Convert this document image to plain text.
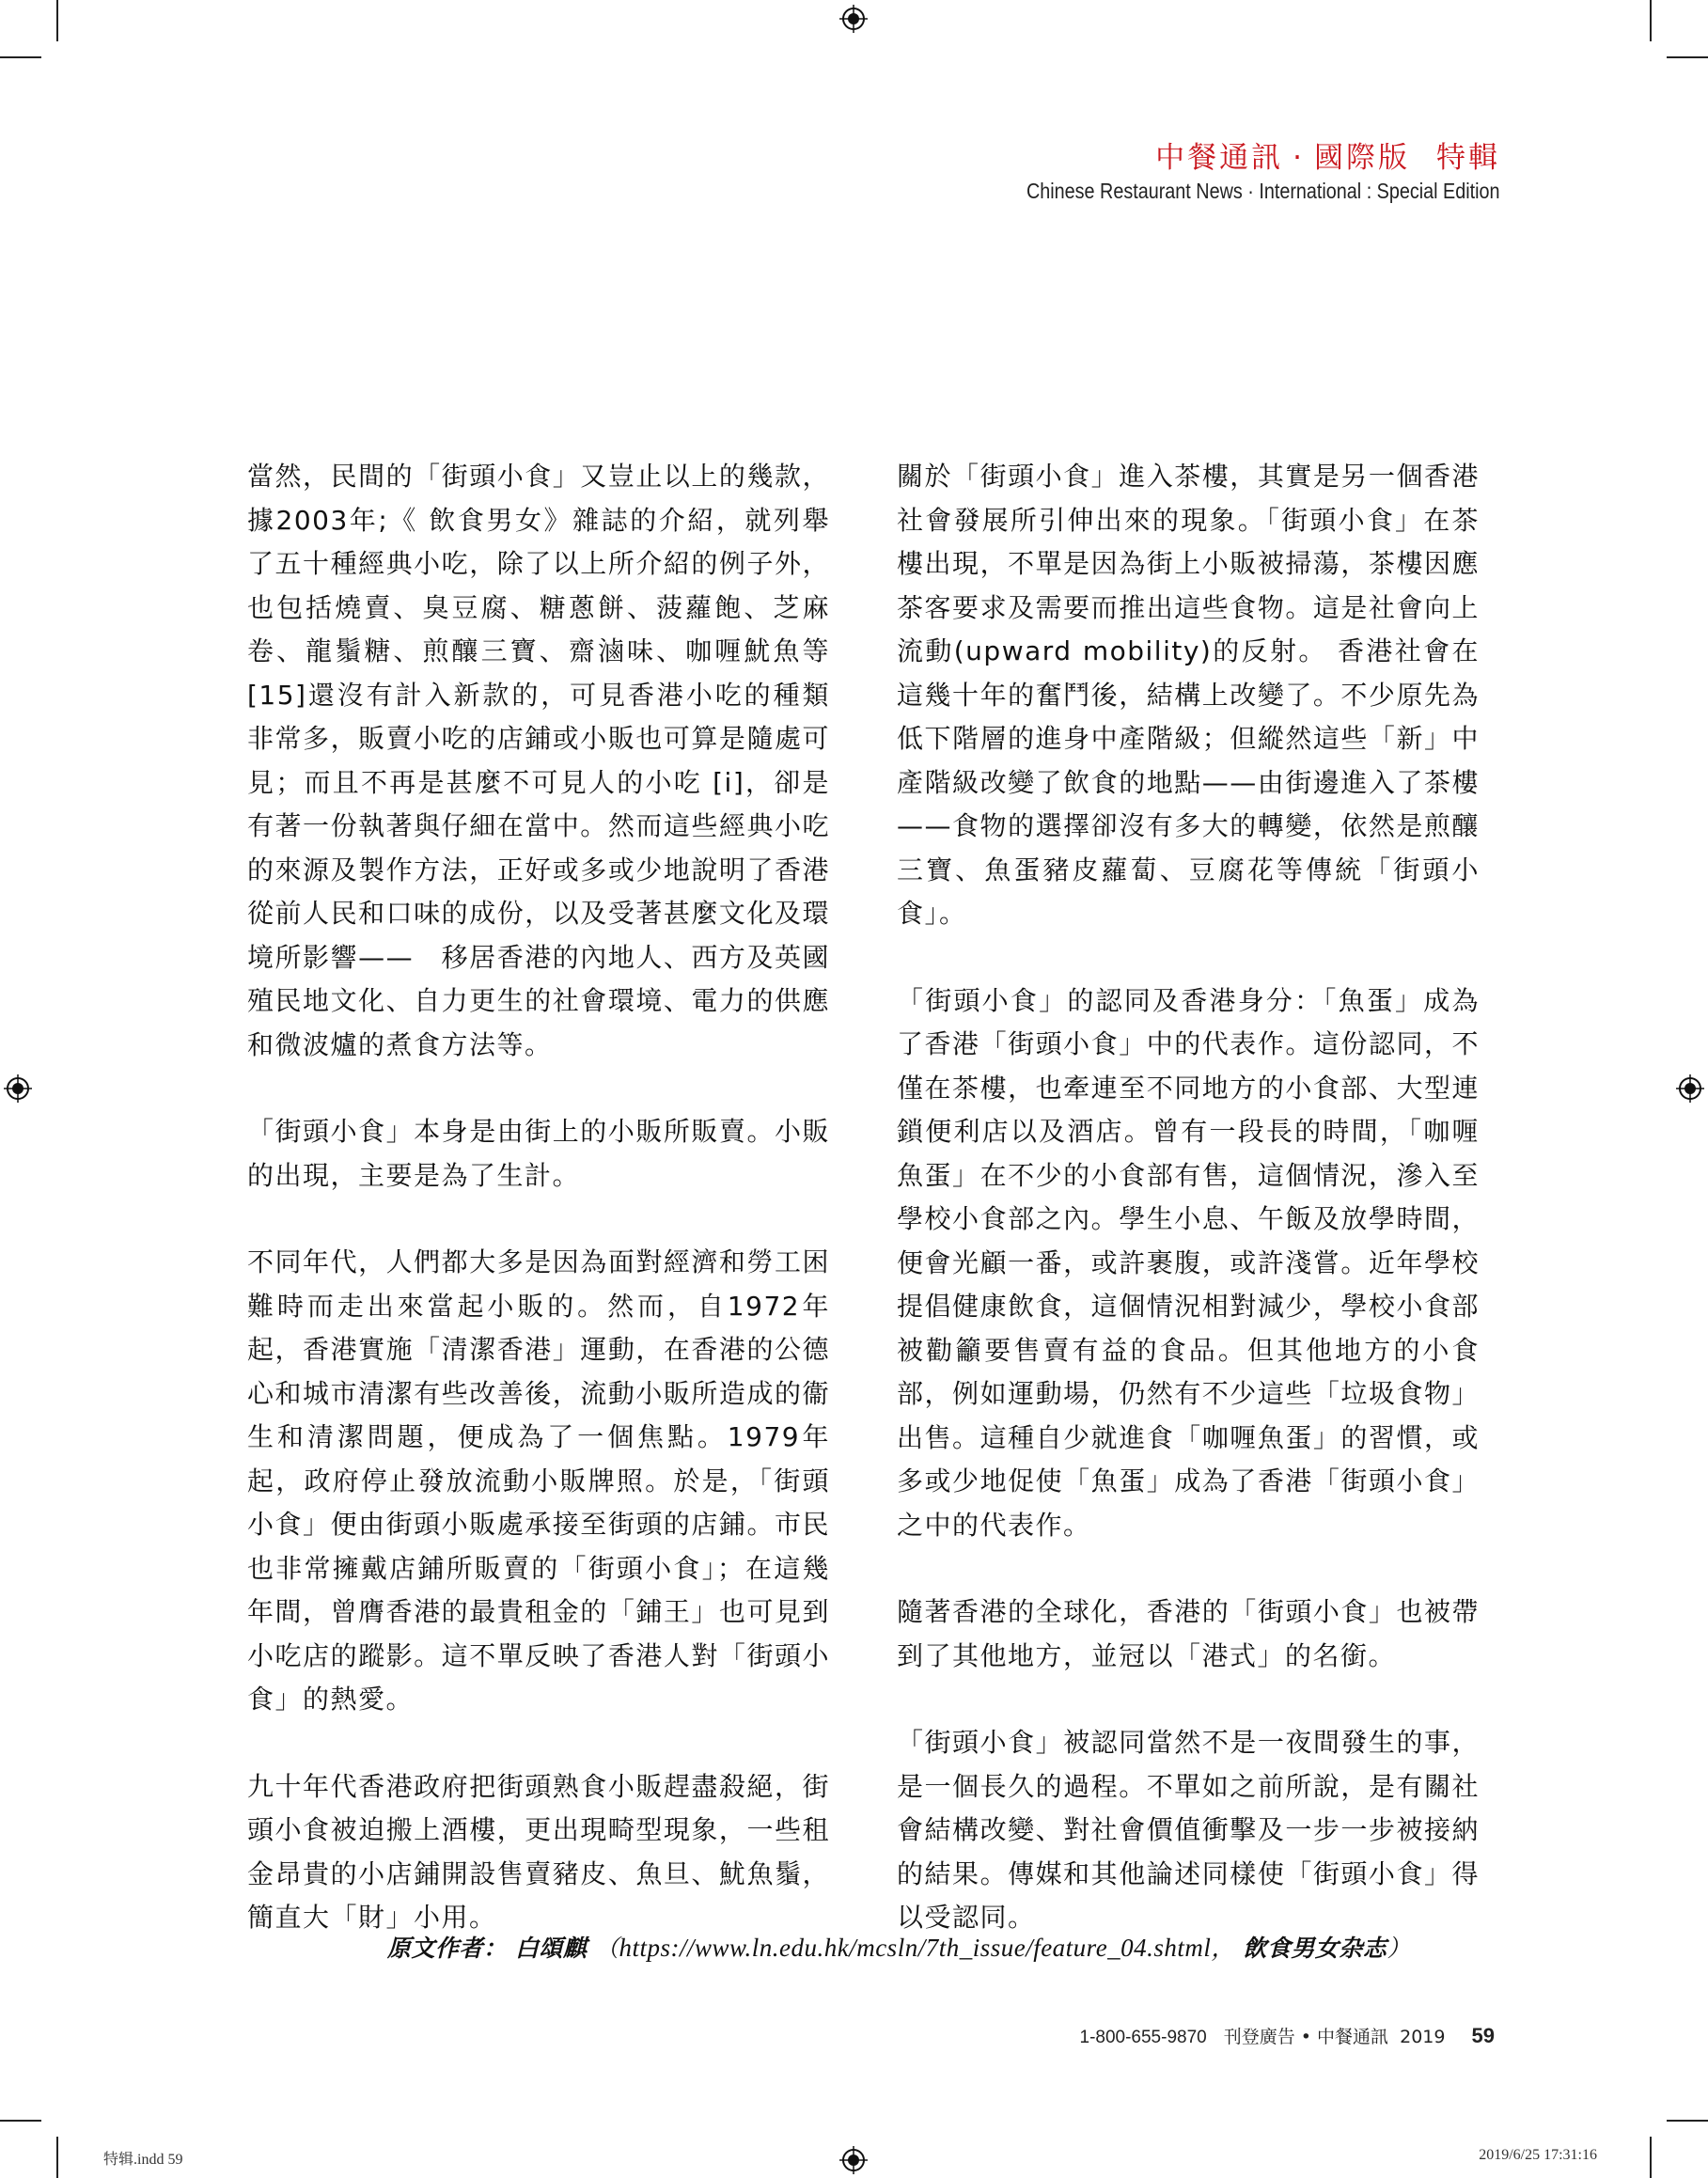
中餐通訊 · 國際版 特輯
Chinese Restaurant News · International : Special Edition

當然，民間的「街頭小食」又豈止以上的幾款，據2003年;《 飲食男女》雜誌的介紹，就列舉了五十種經典小吃，除了以上所介紹的例子外，也包括燒賣、臭豆腐、糖蔥餅、菠蘿飽、芝麻卷、龍鬚糖、煎釀三寶、齋滷味、咖喱魷魚等 [15]還沒有計入新款的，可見香港小吃的種類非常多，販賣小吃的店鋪或小販也可算是隨處可見；而且不再是甚麼不可見人的小吃 [i]，卻是有著一份執著與仔細在當中。然而這些經典小吃的來源及製作方法，正好或多或少地說明了香港從前人民和口味的成份，以及受著甚麼文化及環境所影響——　移居香港的內地人、西方及英國殖民地文化、自力更生的社會環境、電力的供應和微波爐的煮食方法等。

「街頭小食」本身是由街上的小販所販賣。小販的出現，主要是為了生計。

不同年代，人們都大多是因為面對經濟和勞工困難時而走出來當起小販的。然而，自1972年起，香港實施「清潔香港」運動，在香港的公德心和城市清潔有些改善後，流動小販所造成的衞生和清潔問題，便成為了一個焦點。1979年起，政府停止發放流動小販牌照。於是，「街頭小食」便由街頭小販處承接至街頭的店鋪。市民也非常擁戴店鋪所販賣的「街頭小食」；在這幾年間，曾膺香港的最貴租金的「鋪王」也可見到小吃店的蹤影。這不單反映了香港人對「街頭小食」的熱愛。

九十年代香港政府把街頭熟食小販趕盡殺絕，街頭小食被迫搬上酒樓，更出現畸型現象，一些租金昂貴的小店鋪開設售賣豬皮、魚旦、魷魚鬚，簡直大「財」小用。

關於「街頭小食」進入茶樓，其實是另一個香港社會發展所引伸出來的現象。「街頭小食」在茶樓出現，不單是因為街上小販被掃蕩，茶樓因應茶客要求及需要而推出這些食物。這是社會向上流動(upward mobility)的反射。 香港社會在這幾十年的奮鬥後，結構上改變了。不少原先為低下階層的進身中產階級；但縱然這些「新」中產階級改變了飲食的地點——由街邊進入了茶樓——食物的選擇卻沒有多大的轉變，依然是煎釀三寶、魚蛋豬皮蘿蔔、豆腐花等傳統「街頭小食」。

「街頭小食」的認同及香港身分：「魚蛋」成為了香港「街頭小食」中的代表作。這份認同，不僅在茶樓，也牽連至不同地方的小食部、大型連鎖便利店以及酒店。曾有一段長的時間，「咖喱魚蛋」在不少的小食部有售，這個情況，滲入至學校小食部之內。學生小息、午飯及放學時間，便會光顧一番，或許裹腹，或許淺嘗。近年學校提倡健康飲食，這個情況相對減少，學校小食部被勸籲要售賣有益的食品。但其他地方的小食部，例如運動場，仍然有不少這些「垃圾食物」出售。這種自少就進食「咖喱魚蛋」的習慣，或多或少地促使「魚蛋」成為了香港「街頭小食」之中的代表作。

隨著香港的全球化，香港的「街頭小食」也被帶到了其他地方，並冠以「港式」的名銜。

「街頭小食」被認同當然不是一夜間發生的事，是一個長久的過程。不單如之前所說，是有關社會結構改變、對社會價值衝擊及一步一步被接納的結果。傳媒和其他論述同樣使「街頭小食」得以受認同。

原文作者： 白頌麒 （https://www.ln.edu.hk/mcsln/7th_issue/feature_04.shtml， 飲食男女杂志）
1-800-655-9870 刊登廣告 • 中餐通訊 2019 59
特辑.indd 59	2019/6/25 17:31:16
